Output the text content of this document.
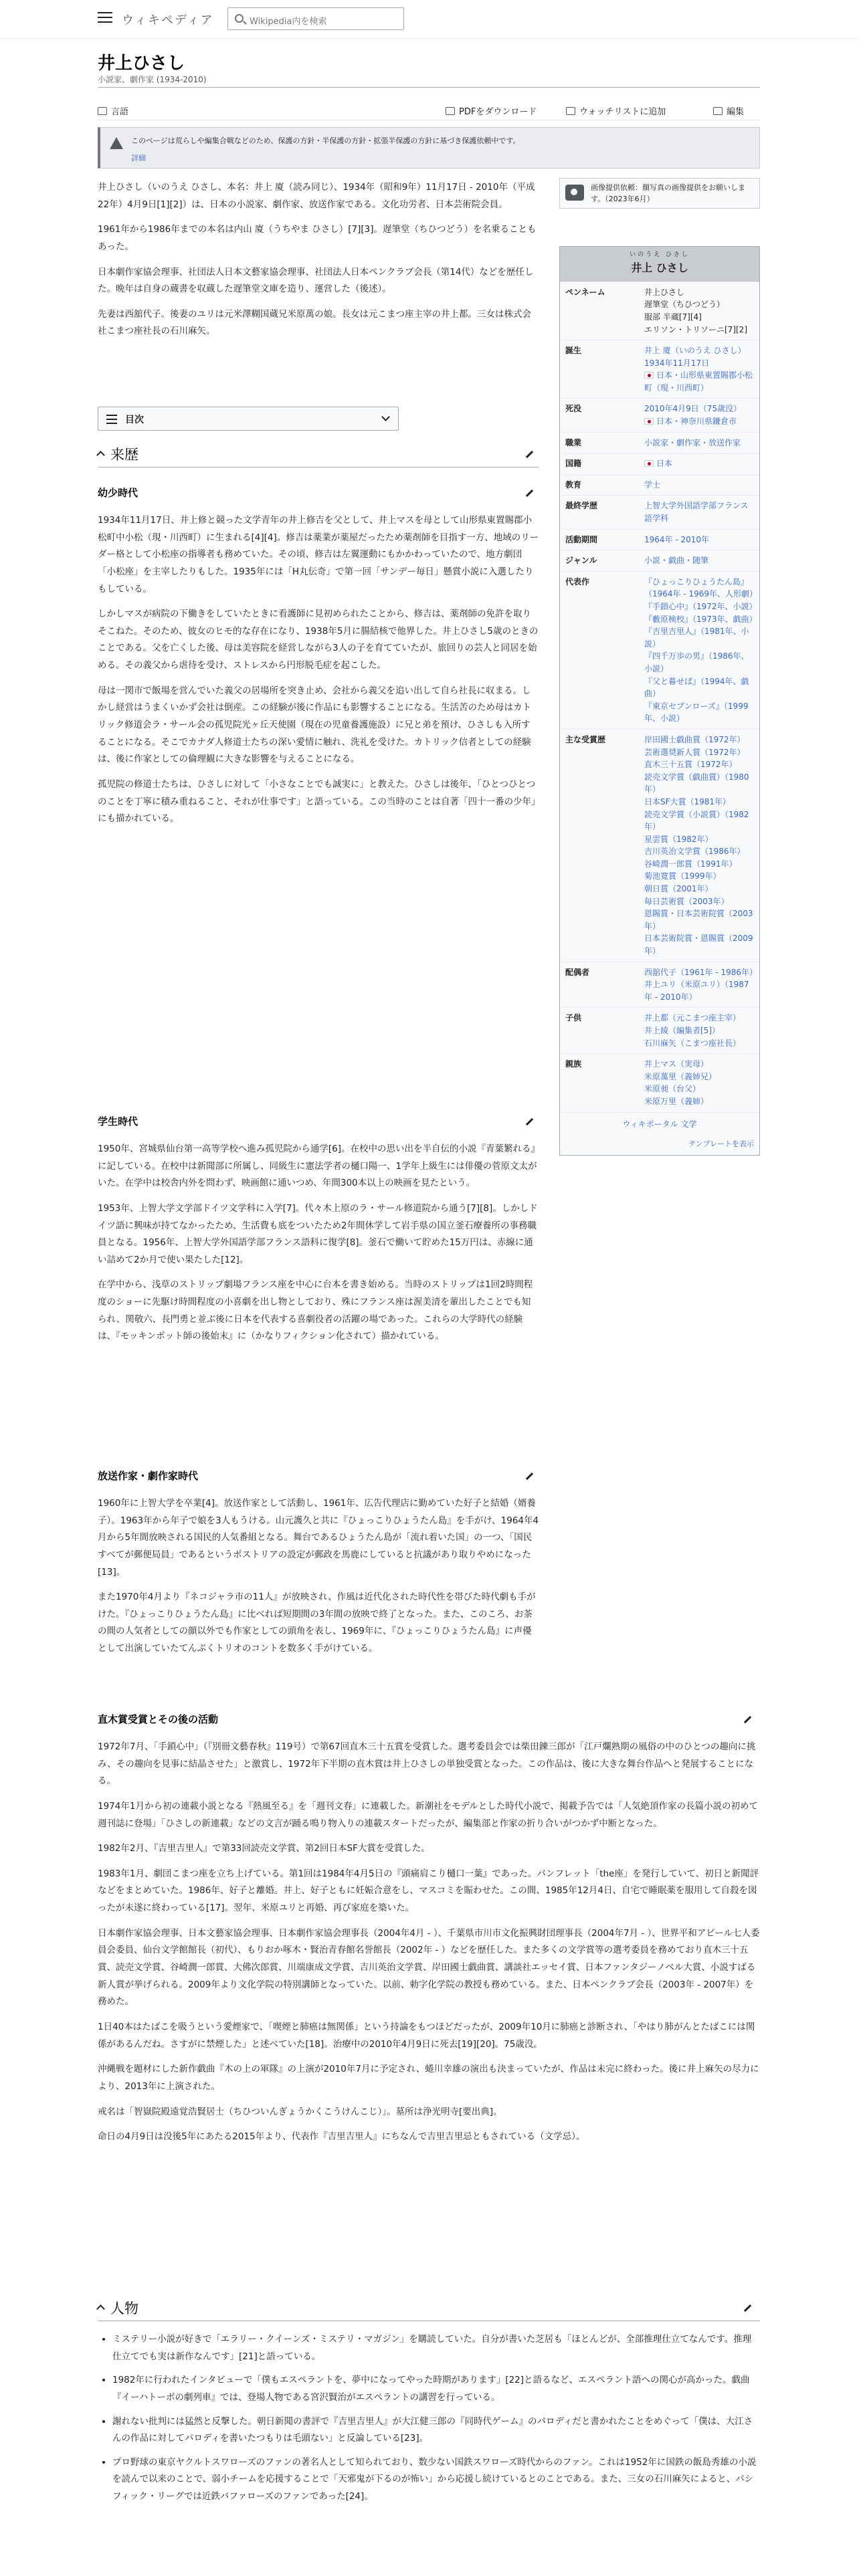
ウィキペディア	Wikipedia内を検索
井上ひさし
小説家、劇作家 (1934-2010)
言語	PDFをダウンロード	ウォッチリストに追加	編集
このページは荒らしや編集合戦などのため、保護の方針・半保護の方針・拡張半保護の方針に基づき保護依頼中です。
詳細
画像提供依頼：顔写真の画像提供をお願いします。（2023年6月）

井上ひさし（いのうえ ひさし、本名：井上 廈（読み同じ）、1934年（昭和9年）11月17日 - 2010年（平成22年）4月9日[1][2]）は、日本の小説家、劇作家、放送作家である。文化功労者、日本芸術院会員。

1961年から1986年までの本名は内山 廈（うちやま ひさし）[7][3]。遅筆堂（ちひつどう）を名乗ることもあった。

日本劇作家協会理事、社団法人日本文藝家協会理事、社団法人日本ペンクラブ会長（第14代）などを歴任した。晩年は自身の蔵書を収蔵した遅筆堂文庫を造り、運営した（後述）。

先妻は西舘代子。後妻のユリは元米澤糊国蔵兄米原萬の娘。長女は元こまつ座主宰の井上都。三女は株式会社こまつ座社長の石川麻矢。

目次
来歴
幼少時代

1934年11月17日、井上修と競った文学青年の井上修吉を父として、井上マスを母として山形県東置賜郡小松町中小松（現・川西町）に生まれる[4][4]。修吉は薬業が薬屋だったため薬剤師を目指す一方、地域のリーダー格として小松座の指導者も務めていた。その頃、修吉は左翼運動にもかかわっていたので、地方劇団「小松座」を主宰したりもした。1935年には「H丸伝奇」で第一回「サンデー毎日」懸賞小説に入選したりもしている。

しかしマスが病院の下働きをしていたときに看護師に見初められたことから、修吉は、薬剤師の免許を取りそこねた。そのため、彼女のヒモ的な存在になり、1938年5月に腸結核で他界した。井上ひさし5歳のときのことである。父を亡くした後、母は美容院を経営しながら3人の子を育てていたが、旅回りの芸人と同居を始める。その義父から虐待を受け、ストレスから円形脱毛症を起こした。

母は一関市で飯場を営んでいた義父の居場所を突き止め、会社から義父を追い出して自ら社長に収まる。しかし経営はうまくいかず会社は倒産。この経験が後に作品にも影響することになる。生活苦のため母はカトリック修道会ラ・サール会の孤児院光ヶ丘天使園（現在の児童養護施設）に兄と弟を預け、ひさしも入所することになる。そこでカナダ人修道士たちの深い愛情に触れ、洗礼を受けた。カトリック信者としての経験は、後に作家としての倫理観に大きな影響を与えることになる。

孤児院の修道士たちは、ひさしに対して「小さなことでも誠実に」と教えた。ひさしは後年、「ひとつひとつのことを丁寧に積み重ねること、それが仕事です」と語っている。この当時のことは自著「四十一番の少年」にも描かれている。

学生時代

1950年、宮城県仙台第一高等学校へ進み孤児院から通学[6]。在校中の思い出を半自伝的小説『青葉繁れる』に記している。在校中は新聞部に所属し、同級生に憲法学者の樋口陽一、1学年上級生には俳優の菅原文太がいた。在学中は校舎内外を問わず、映画館に通いつめ、年間300本以上の映画を見たという。

1953年、上智大学文学部ドイツ文学科に入学[7]。代々木上原のラ・サール修道院から通う[7][8]。しかしドイツ語に興味が持てなかったため、生活費も底をついたため2年間休学して岩手県の国立釜石療養所の事務職員となる。1956年、上智大学外国語学部フランス語科に復学[8]。釜石で働いて貯めた15万円は、赤線に通い詰めて2か月で使い果たした[12]。

在学中から、浅草のストリップ劇場フランス座を中心に台本を書き始める。当時のストリップは1回2時間程度のショーに先駆け時間程度の小喜劇を出し物としており、殊にフランス座は渥美清を輩出したことでも知られ、関敬六、長門勇と並ぶ後に日本を代表する喜劇役者の活躍の場であった。これらの大学時代の経験は、『モッキンポット師の後始末』に（かなりフィクション化されて）描かれている。

放送作家・劇作家時代

1960年に上智大学を卒業[4]。放送作家として活動し、1961年、広告代理店に勤めていた好子と結婚（婿養子）。1963年から年子で娘を3人もうける。山元護久と共に『ひょっこりひょうたん島』を手がけ、1964年4月から5年間放映される国民的人気番組となる。舞台であるひょうたん島が「流れ着いた国」の一つ、「国民すべてが郵便局員」であるというポストリアの設定が郵政を馬鹿にしていると抗議があり取りやめになった[13]。

また1970年4月より『ネコジャラ市の11人』が放映され、作風は近代化された時代性を帯びた時代劇も手がけた。『ひょっこりひょうたん島』に比べれば短期間の3年間の放映で終了となった。また、このころ、お茶の間の人気者としての顔以外でも作家としての頭角を表し、1969年に、『ひょっこりひょうたん島』に声優として出演していたてんぷくトリオのコントを数多く手がけている。

直木賞受賞とその後の活動

1972年7月、「手鎖心中」（『別冊文藝春秋』119号）で第67回直木三十五賞を受賞した。選考委員会では柴田錬三郎が「江戸爛熟期の風俗の中のひとつの趣向に挑み、その趣向を見事に結晶させた」と激賞し、1972年下半期の直木賞は井上ひさしの単独受賞となった。この作品は、後に大きな舞台作品へと発展することになる。

1974年1月から初の連載小説となる『熱風至る』を「週刊文春」に連載した。新潮社をモデルとした時代小説で、掲載予告では「人気絶頂作家の長篇小説の初めて週刊誌に登場」「ひさしの新連載」などの文言が踊る鳴り物入りの連載スタートだったが、編集部と作家の折り合いがつかず中断となった。

1982年2月、『吉里吉里人』で第33回読売文学賞、第2回日本SF大賞を受賞した。

1983年1月、劇団こまつ座を立ち上げている。第1回は1984年4月5日の『頭痛肩こり樋口一葉』であった。パンフレット「the座」を発行していて、初日と新聞評などをまとめていた。1986年、好子と離婚。井上、好子ともに妊娠合意をし、マスコミを賑わせた。この間、1985年12月4日、自宅で睡眠薬を服用して自殺を図ったが未遂に終わっている[17]。翌年、米原ユリと再婚、再び家庭を築いた。

日本劇作家協会理事、日本文藝家協会理事、日本劇作家協会理事長（2004年4月 - ）、千葉県市川市文化振興財団理事長（2004年7月 - ）、世界平和アピール七人委員会委員、仙台文学館館長（初代）、もりおか啄木・賢治青春館名誉館長（2002年 - ）などを歴任した。また多くの文学賞等の選考委員を務めており直木三十五賞、読売文学賞、谷崎潤一郎賞、大佛次郎賞、川端康成文学賞、吉川英治文学賞、岸田國士戯曲賞、講談社エッセイ賞、日本ファンタジーノベル大賞、小説すばる新人賞が挙げられる。2009年より文化学院の特別講師となっていた。以前、勅字化学院の教授も務めている。また、日本ペンクラブ会長（2003年 - 2007年）を務めた。

1日40本はたばこを吸うという愛煙家で、「喫煙と肺癌は無関係」という持論をもつほどだったが、2009年10月に肺癌と診断され、「やはり肺がんとたばこには関係があるんだね。さすがに禁煙した」と述べていた[18]。治療中の2010年4月9日に死去[19][20]。75歳没。

沖縄戦を題材にした新作戯曲『木の上の軍隊』の上演が2010年7月に予定され、蜷川幸雄の演出も決まっていたが、作品は未完に終わった。後に井上麻矢の尽力により、2013年に上演された。

戒名は「智嶽院殿遠覚浩賢居士（ちひついんぎょうかくこうけんこじ）」。墓所は浄光明寺[要出典]。

命日の4月9日は没後5年にあたる2015年より、代表作『吉里吉里人』にちなんで吉里吉里忌ともされている（文学忌）。

人物
• ミステリー小説が好きで「エラリー・クイーンズ・ミステリ・マガジン」を購読していた。自分が書いた芝居も「ほとんどが、全部推理仕立てなんです。推理仕立てでも実は新作なんです」[21]と語っている。
• 1982年に行われたインタビューで「僕もエスペラントを、夢中になってやった時期があります」[22]と語るなど、エスペラント語への関心が高かった。戯曲『イーハトーボの劇列車』では、登場人物である宮沢賢治がエスペラントの講習を行っている。
• 謝れない批判には猛然と反撃した。朝日新聞の書評で『吉里吉里人』が大江健三郎の『同時代ゲーム』のパロディだと書かれたことをめぐって「僕は、大江さんの作品に対してパロディを書いたつもりは毛頭ない」と反論している[23]。
• プロ野球の東京ヤクルトスワローズのファンの著名人として知られており、数少ない国鉄スワローズ時代からのファン。これは1952年に国鉄の飯島秀雄の小説を読んで以来のことで、弱小チームを応援することで「天邪鬼が下るのが怖い」から応援し続けているとのことである。また、三女の石川麻矢によると、パシフィック・リーグでは近鉄バファローズのファンであった[24]。
いのうえ ひさし
井上 ひさし
ペンネーム	井上ひさし
遅筆堂（ちひつどう）
服部 半蔵[7][4]
エリソン・トリソーニ[7][2]
誕生	井上 廈（いのうえ ひさし）
1934年11月17日
日本・山形県東置賜郡小松町（現・川西町）
死没	2010年4月9日（75歳没）
日本・神奈川県鎌倉市
職業	小説家・劇作家・放送作家
国籍	日本
教育	学士
最終学歴	上智大学外国語学部フランス語学科
活動期間	1964年 - 2010年
ジャンル	小説・戯曲・随筆
代表作	『ひょっこりひょうたん島』（1964年 - 1969年、人形劇）
『手鎖心中』（1972年、小説）
『藪原検校』（1973年、戯曲）
『吉里吉里人』（1981年、小説）
『四千万歩の男』（1986年、小説）
『父と暮せば』（1994年、戯曲）
『東京セブンローズ』（1999年、小説）
主な受賞歴	岸田國士戯曲賞（1972年）
芸術選奨新人賞（1972年）
直木三十五賞（1972年）
読売文学賞（戯曲賞）（1980年）
日本SF大賞（1981年）
読売文学賞（小説賞）（1982年）
星雲賞（1982年）
吉川英治文学賞（1986年）
谷崎潤一郎賞（1991年）
菊池寛賞（1999年）
朝日賞（2001年）
毎日芸術賞（2003年）
恩賜賞・日本芸術院賞（2003年）
日本芸術院賞・恩賜賞（2009年）
配偶者	西舘代子（1961年 - 1986年）
井上ユリ（米原ユリ）（1987年 - 2010年）
子供	井上都（元こまつ座主宰）
井上綾（編集者[5]）
石川麻矢（こまつ座社長）
親族	井上マス（実母）
米原萬里（義姉兄）
米原昶（台父）
米原万里（義姉）
ウィキポータル 文学
テンプレートを表示
